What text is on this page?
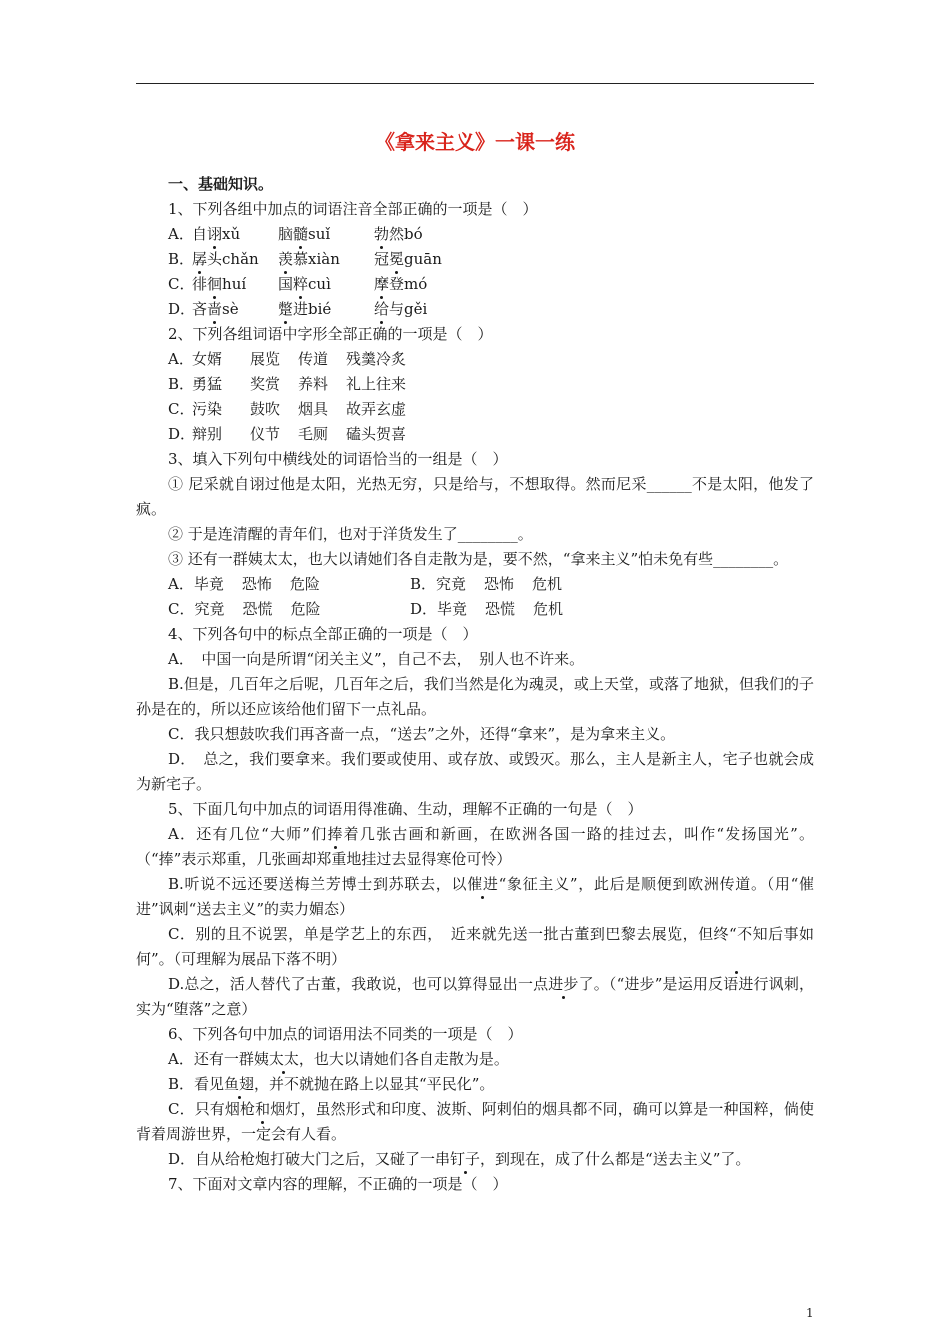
《拿来主义》一课一练
一、基础知识。
1、下列各组中加点的词语注音全部正确的一项是（　）
A．自诩xǔ	脑髓suǐ	勃然bó
B．孱头chǎn 羡慕xiàn 冠冕guān
C．徘徊huí 国粹cuì	摩登mó
D．吝啬sè	蹩进bié	给与gěi
2、下列各组词语中字形全部正确的一项是（　）
A．女婿 展览 传道 残羹冷炙
B．勇猛 奖赏 养料 礼上往来
C．污染 鼓吹 烟具 故弄玄虚
D．辩别 仪节 毛厕 磕头贺喜
3、填入下列句中横线处的词语恰当的一组是（　）
① 尼采就自诩过他是太阳，光热无穷，只是给与，不想取得。然而尼采______不是太阳，他发了疯。
② 于是连清醒的青年们，也对于洋货发生了________。
③ 还有一群姨太太，也大以请她们各自走散为是，要不然，“拿来主义”怕未免有些________。
A．毕竟 恐怖 危险	B．究竟 恐怖 危机
C．究竟 恐慌 危险	D．毕竟 恐慌 危机
4、下列各句中的标点全部正确的一项是（　）
A．　中国一向是所谓“闭关主义”，自己不去，　别人也不许来。
B.但是，几百年之后呢，几百年之后，我们当然是化为魂灵，或上天堂，或落了地狱，但我们的子孙是在的，所以还应该给他们留下一点礼品。
C．我只想鼓吹我们再吝啬一点，“送去”之外，还得“拿来”，是为拿来主义。
D．　总之，我们要拿来。我们要或使用、或存放、或毁灭。那么，主人是新主人，宅子也就会成为新宅子。
5、下面几句中加点的词语用得准确、生动，理解不正确的一句是（　）
A．还有几位“大师”们捧着几张古画和新画，在欧洲各国一路的挂过去，叫作“发扬国光”。（“捧”表示郑重，几张画却郑重地挂过去显得寒伧可怜）
B.听说不远还要送梅兰芳博士到苏联去，以催进“象征主义”，此后是顺便到欧洲传道。（用“催进”讽刺“送去主义”的卖力媚态）
C．别的且不说罢，单是学艺上的东西，　近来就先送一批古董到巴黎去展览，但终“不知后事如何”。（可理解为展品下落不明）
D.总之，活人替代了古董，我敢说，也可以算得显出一点进步了。（“进步”是运用反语进行讽刺，实为“堕落”之意）
6、下列各句中加点的词语用法不同类的一项是（　）
A．还有一群姨太太，也大以请她们各自走散为是。
B．看见鱼翅，并不就抛在路上以显其“平民化”。
C．只有烟枪和烟灯，虽然形式和印度、波斯、阿剌伯的烟具都不同，确可以算是一种国粹，倘使背着周游世界，一定会有人看。
D．自从给枪炮打破大门之后，又碰了一串钉子，到现在，成了什么都是“送去主义”了。
7、下面对文章内容的理解，不正确的一项是（　）
1
